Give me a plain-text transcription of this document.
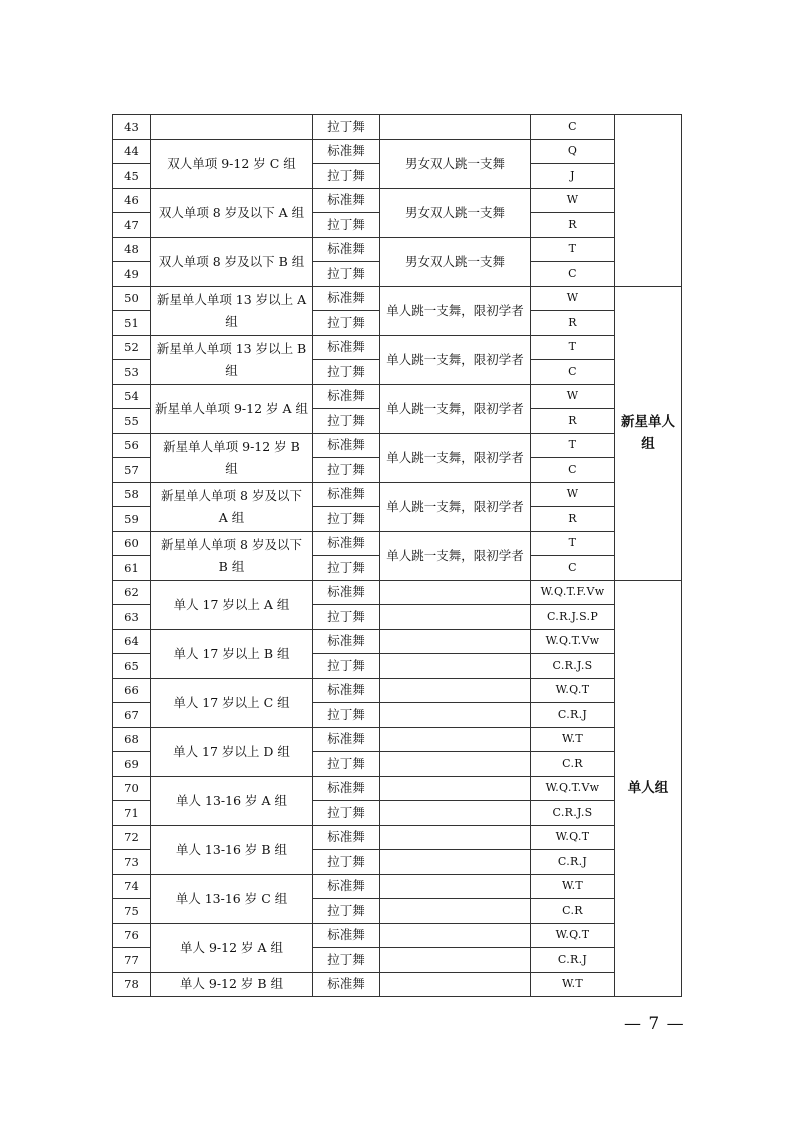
43		拉丁舞		C	
44	双人单项 9-12 岁 C 组	标准舞	男女双人跳一支舞	Q	
45		拉丁舞		J	
46	双人单项 8 岁及以下 A 组	标准舞	男女双人跳一支舞	W	
47		拉丁舞		R	
48	双人单项 8 岁及以下 B 组	标准舞	男女双人跳一支舞	T	
49		拉丁舞		C	
50	新星单人单项 13 岁以上 A 组	标准舞	单人跳一支舞，限初学者	W	新星单人组
51		拉丁舞		R	
52	新星单人单项 13 岁以上 B 组	标准舞	单人跳一支舞，限初学者	T	
53		拉丁舞		C	
54	新星单人单项 9-12 岁 A 组	标准舞	单人跳一支舞，限初学者	W	
55		拉丁舞		R	
56	新星单人单项 9-12 岁 B 组	标准舞	单人跳一支舞，限初学者	T	
57		拉丁舞		C	
58	新星单人单项 8 岁及以下 A 组	标准舞	单人跳一支舞，限初学者	W	
59		拉丁舞		R	
60	新星单人单项 8 岁及以下 B 组	标准舞	单人跳一支舞，限初学者	T	
61		拉丁舞		C	
62	单人 17 岁以上 A 组	标准舞		W.Q.T.F.Vw	单人组
63		拉丁舞		C.R.J.S.P	
64	单人 17 岁以上 B 组	标准舞		W.Q.T.Vw	
65		拉丁舞		C.R.J.S	
66	单人 17 岁以上 C 组	标准舞		W.Q.T	
67		拉丁舞		C.R.J	
68	单人 17 岁以上 D 组	标准舞		W.T	
69		拉丁舞		C.R	
70	单人 13-16 岁 A 组	标准舞		W.Q.T.Vw	
71		拉丁舞		C.R.J.S	
72	单人 13-16 岁 B 组	标准舞		W.Q.T	
73		拉丁舞		C.R.J	
74	单人 13-16 岁 C 组	标准舞		W.T	
75		拉丁舞		C.R	
76	单人 9-12 岁 A 组	标准舞		W.Q.T	
77		拉丁舞		C.R.J	
78	单人 9-12 岁 B 组	标准舞		W.T	
— 7 —
